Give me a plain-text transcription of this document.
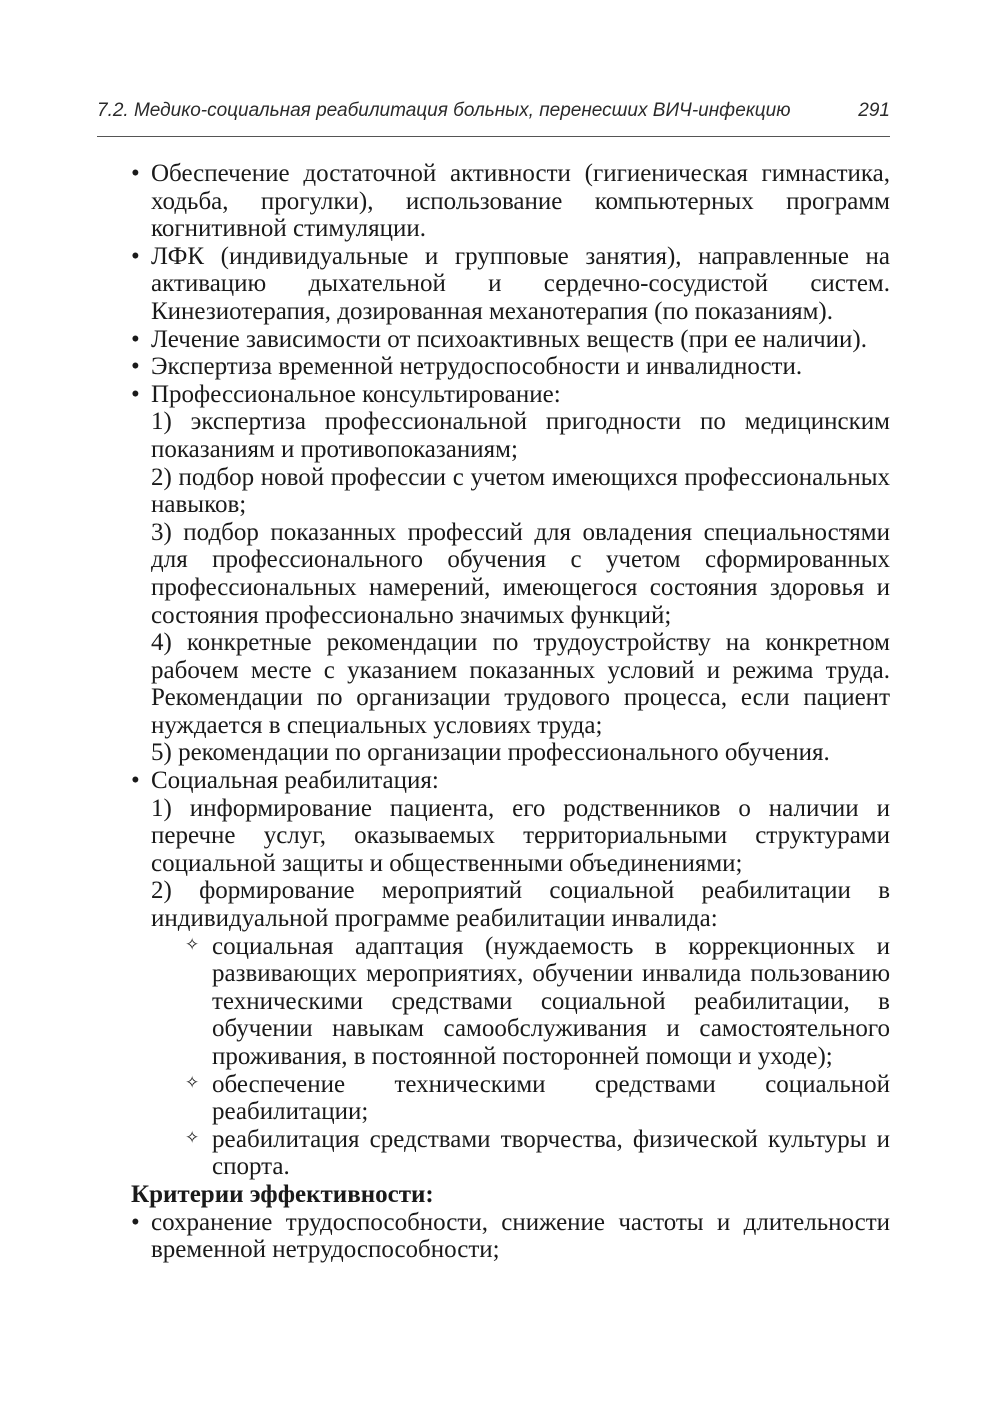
7.2. Медико-социальная реабилитация больных, перенесших ВИЧ-инфекцию	291
• Обеспечение достаточной активности (гигиеническая гимнастика, ходьба, прогулки), использование компьютерных программ когнитивной стимуляции.
• ЛФК (индивидуальные и групповые занятия), направленные на активацию дыхательной и сердечно-сосудистой систем. Кинезиотерапия, дозированная механотерапия (по показаниям).
• Лечение зависимости от психоактивных веществ (при ее наличии).
• Экспертиза временной нетрудоспособности и инвалидности.
• Профессиональное консультирование:
1) экспертиза профессиональной пригодности по медицинским показаниям и противопоказаниям;
2) подбор новой профессии с учетом имеющихся профессиональных навыков;
3) подбор показанных профессий для овладения специальностями для профессионального обучения с учетом сформированных профессиональных намерений, имеющегося состояния здоровья и состояния профессионально значимых функций;
4) конкретные рекомендации по трудоустройству на конкретном рабочем месте с указанием показанных условий и режима труда. Рекомендации по организации трудового процесса, если пациент нуждается в специальных условиях труда;
5) рекомендации по организации профессионального обучения.
• Социальная реабилитация:
1) информирование пациента, его родственников о наличии и перечне услуг, оказываемых территориальными структурами социальной защиты и общественными объединениями;
2) формирование мероприятий социальной реабилитации в индивидуальной программе реабилитации инвалида:
✧ социальная адаптация (нуждаемость в коррекционных и развивающих мероприятиях, обучении инвалида пользованию техническими средствами социальной реабилитации, в обучении навыкам самообслуживания и самостоятельного проживания, в постоянной посторонней помощи и уходе);
✧ обеспечение техническими средствами социальной реабилитации;
✧ реабилитация средствами творчества, физической культуры и спорта.
Критерии эффективности:
• сохранение трудоспособности, снижение частоты и длительности временной нетрудоспособности;
